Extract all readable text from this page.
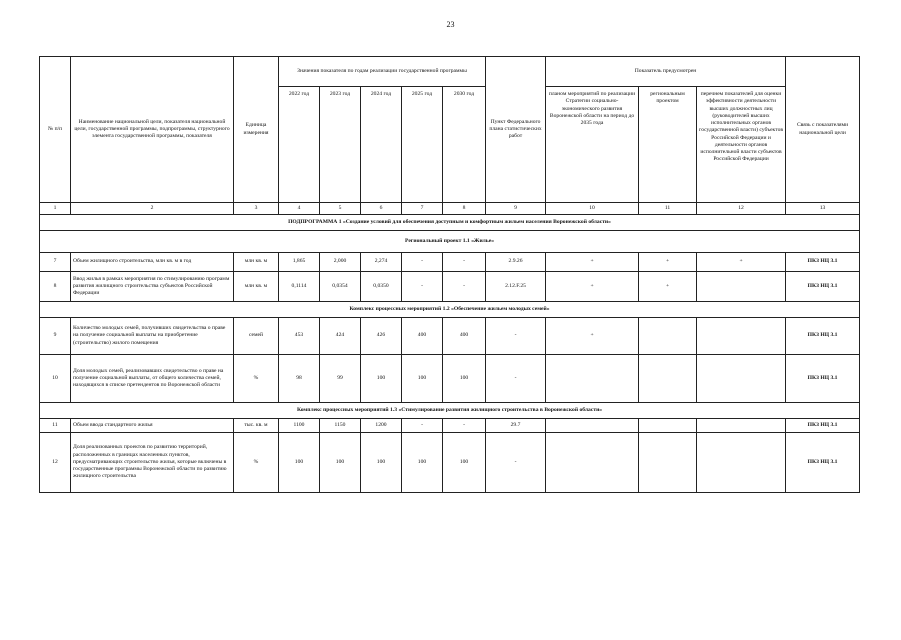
23
№ п/п	Наименование национальной цели, показателя национальной цели, государственной программы, подпрограммы, структурного элемента государственной программы, показателя	Единица измерения	Значения показателя по годам реализации государственной программы					Пункт Федерального плана статистических работ	Показатель предусмотрен			Связь с показателями национальной цели
			2022 год	2023 год	2024 год	2025 год	2030 год		планом мероприятий по реализации Стратегии социально-экономического развития Воронежской области на период до 2035 года	региональным проектом	перечнем показателей для оценки эффективности деятельности высших должностных лиц (руководителей высших исполнительных органов государственной власти) субъектов Российской Федерации и деятельности органов исполнительной власти субъектов Российской Федерации	
1	2	3	4	5	6	7	8	9	10	11	12	13
ПОДПРОГРАММА 1 «Создание условий для обеспечения доступным и комфортным жильем населения Воронежской области»												
Региональный проект 1.1 «Жилье»												
7	Объем жилищного строительства, млн кв. м в год	млн кв. м	1,865	2,000	2,274	-	-	2.9.26	+	+	+	ПКЗ НЦ 3.1
8	Ввод жилья в рамках мероприятия по стимулированию программ развития жилищного строительства субъектов Российской Федерации	млн кв. м	0,1114	0,0354	0,0350	-	-	2.12.F.25	+	+		ПКЗ НЦ 3.1
Комплекс процессных мероприятий 1.2 «Обеспечение жильем молодых семей»												
9	Количество молодых семей, получивших свидетельства о праве на получение социальной выплаты на приобретение (строительство) жилого помещения	семей	453	424	426	400	400	-	+			ПКЗ НЦ 3.1
10	Доля молодых семей, реализовавших свидетельство о праве на получение социальной выплаты, от общего количества семей, находящихся в списке претендентов по Воронежской области	%	98	99	100	100	100	-				ПКЗ НЦ 3.1
Комплекс процессных мероприятий 1.3 «Стимулирование развития жилищного строительства в Воронежской области»												
11	Объем ввода стандартного жилья	тыс. кв. м	1100	1150	1200	-	-	29.7				ПКЗ НЦ 3.1
12	Доля реализованных проектов по развитию территорий, расположенных в границах населенных пунктов, предусматривающих строительство жилья, которые включены в государственные программы Воронежской области по развитию жилищного строительства	%	100	100	100	100	100	-				ПКЗ НЦ 3.1
